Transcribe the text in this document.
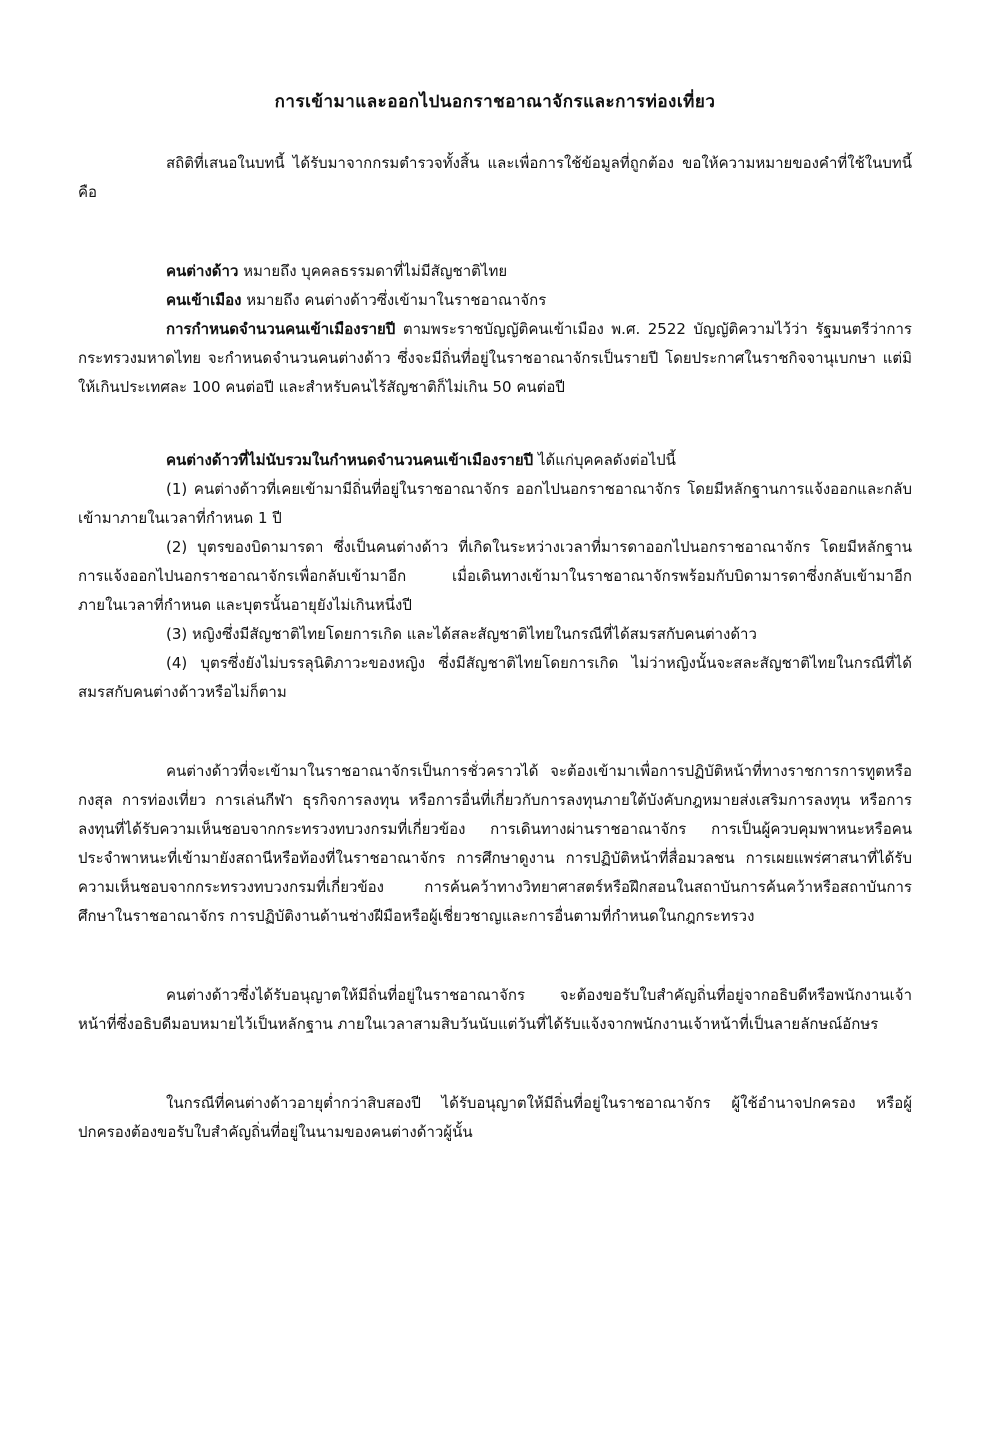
การเข้ามาและออกไปนอกราชอาณาจักรและการท่องเที่ยว

สถิติที่เสนอในบทนี้ ได้รับมาจากกรมตำรวจทั้งสิ้น และเพื่อการใช้ข้อมูลที่ถูกต้อง ขอให้ความหมายของคำที่ใช้ในบทนี้คือ

คนต่างด้าว หมายถึง บุคคลธรรมดาที่ไม่มีสัญชาติไทย

คนเข้าเมือง หมายถึง คนต่างด้าวซึ่งเข้ามาในราชอาณาจักร

การกำหนดจำนวนคนเข้าเมืองรายปี ตามพระราชบัญญัติคนเข้าเมือง พ.ศ. 2522 บัญญัติความไว้ว่า รัฐมนตรีว่าการกระทรวงมหาดไทย จะกำหนดจำนวนคนต่างด้าว ซึ่งจะมีถิ่นที่อยู่ในราชอาณาจักรเป็นรายปี โดยประกาศในราชกิจจานุเบกษา แต่มิให้เกินประเทศละ 100 คนต่อปี และสำหรับคนไร้สัญชาติก็ไม่เกิน 50 คนต่อปี

คนต่างด้าวที่ไม่นับรวมในกำหนดจำนวนคนเข้าเมืองรายปี ได้แก่บุคคลดังต่อไปนี้

(1) คนต่างด้าวที่เคยเข้ามามีถิ่นที่อยู่ในราชอาณาจักร ออกไปนอกราชอาณาจักร โดยมีหลักฐานการแจ้งออกและกลับเข้ามาภายในเวลาที่กำหนด 1 ปี

(2) บุตรของบิดามารดา ซึ่งเป็นคนต่างด้าว ที่เกิดในระหว่างเวลาที่มารดาออกไปนอกราชอาณาจักร โดยมีหลักฐานการแจ้งออกไปนอกราชอาณาจักรเพื่อกลับเข้ามาอีก เมื่อเดินทางเข้ามาในราชอาณาจักรพร้อมกับบิดามารดาซึ่งกลับเข้ามาอีกภายในเวลาที่กำหนด และบุตรนั้นอายุยังไม่เกินหนึ่งปี

(3) หญิงซึ่งมีสัญชาติไทยโดยการเกิด และได้สละสัญชาติไทยในกรณีที่ได้สมรสกับคนต่างด้าว

(4) บุตรซึ่งยังไม่บรรลุนิติภาวะของหญิง ซึ่งมีสัญชาติไทยโดยการเกิด ไม่ว่าหญิงนั้นจะสละสัญชาติไทยในกรณีที่ได้สมรสกับคนต่างด้าวหรือไม่ก็ตาม

คนต่างด้าวที่จะเข้ามาในราชอาณาจักรเป็นการชั่วคราวได้ จะต้องเข้ามาเพื่อการปฏิบัติหน้าที่ทางราชการการทูตหรือกงสุล การท่องเที่ยว การเล่นกีฬา ธุรกิจการลงทุน หรือการอื่นที่เกี่ยวกับการลงทุนภายใต้บังคับกฎหมายส่งเสริมการลงทุน หรือการลงทุนที่ได้รับความเห็นชอบจากกระทรวงทบวงกรมที่เกี่ยวข้อง การเดินทางผ่านราชอาณาจักร การเป็นผู้ควบคุมพาหนะหรือคนประจำพาหนะที่เข้ามายังสถานีหรือท้องที่ในราชอาณาจักร การศึกษาดูงาน การปฏิบัติหน้าที่สื่อมวลชน การเผยแพร่ศาสนาที่ได้รับความเห็นชอบจากกระทรวงทบวงกรมที่เกี่ยวข้อง การค้นคว้าทางวิทยาศาสตร์หรือฝึกสอนในสถาบันการค้นคว้าหรือสถาบันการศึกษาในราชอาณาจักร การปฏิบัติงานด้านช่างฝีมือหรือผู้เชี่ยวชาญและการอื่นตามที่กำหนดในกฎกระทรวง

คนต่างด้าวซึ่งได้รับอนุญาตให้มีถิ่นที่อยู่ในราชอาณาจักร จะต้องขอรับใบสำคัญถิ่นที่อยู่จากอธิบดีหรือพนักงานเจ้าหน้าที่ซึ่งอธิบดีมอบหมายไว้เป็นหลักฐาน ภายในเวลาสามสิบวันนับแต่วันที่ได้รับแจ้งจากพนักงานเจ้าหน้าที่เป็นลายลักษณ์อักษร

ในกรณีที่คนต่างด้าวอายุต่ำกว่าสิบสองปี ได้รับอนุญาตให้มีถิ่นที่อยู่ในราชอาณาจักร ผู้ใช้อำนาจปกครอง หรือผู้ปกครองต้องขอรับใบสำคัญถิ่นที่อยู่ในนามของคนต่างด้าวผู้นั้น
